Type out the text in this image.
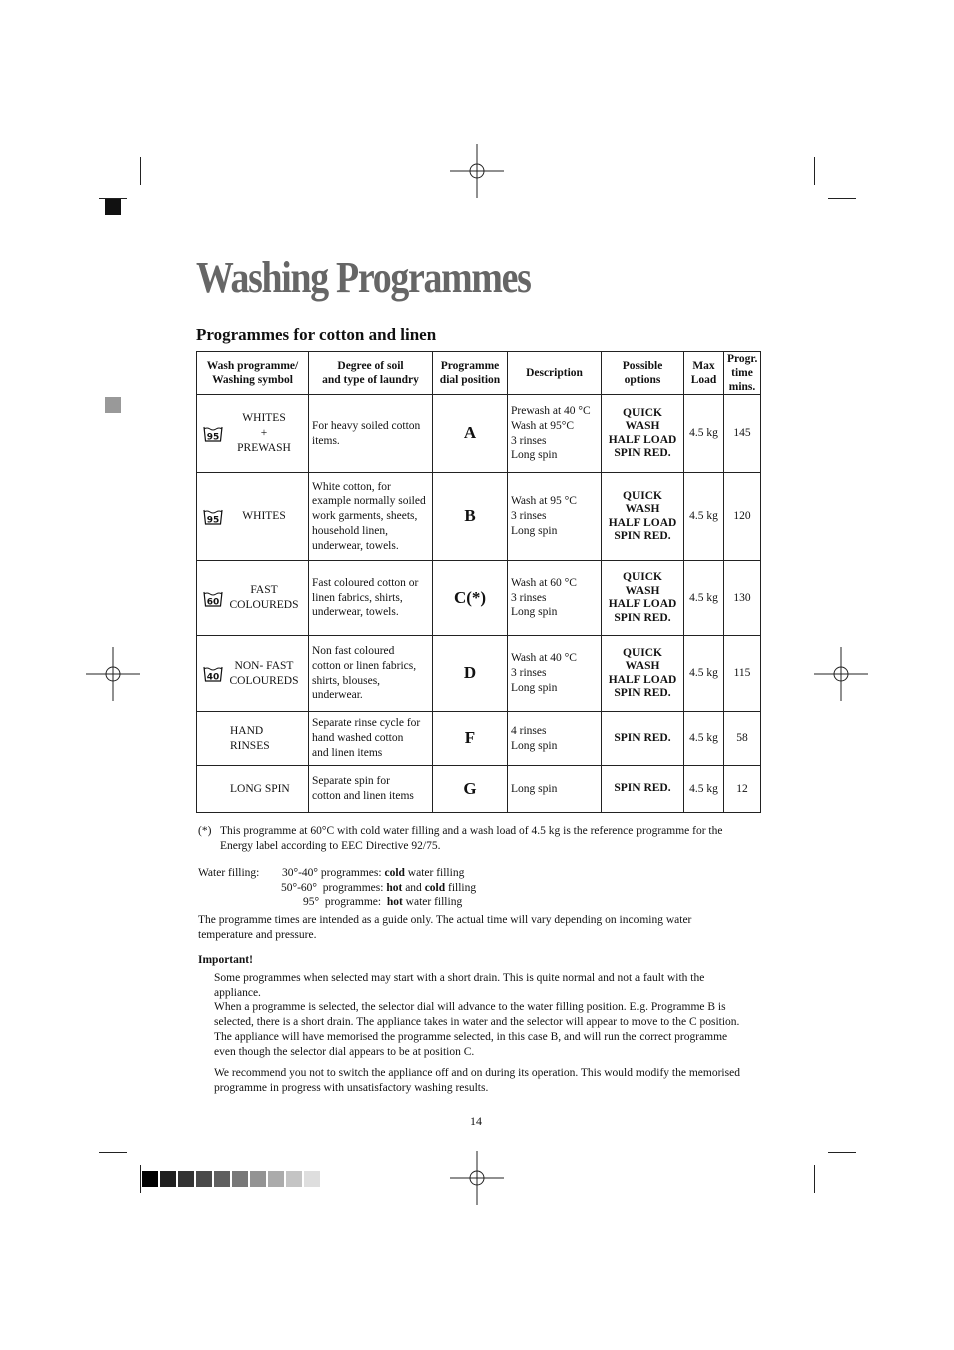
Washing Programmes
Programmes for cotton and linen
Wash programme/
Washing symbol	Degree of soil
and type of laundry	Programme
dial position	Description	Possible
options	Max
Load	Progr.
time
mins.

95
WHITES
+
PREWASH	For heavy soiled cotton
items.	A	Prewash at 40 °C
Wash at 95°C
3 rinses
Long spin	QUICK WASH
HALF LOAD
SPIN RED.	4.5 kg	145

95 WHITES	White cotton, for
example normally soiled
work garments, sheets,
household linen,
underwear, towels.	B	Wash at 95 °C
3 rinses
Long spin	QUICK WASH
HALF LOAD
SPIN RED.	4.5 kg	120

60
FAST
COLOUREDS	Fast coloured cotton or
linen fabrics, shirts,
underwear, towels.	C(*)	Wash at 60 °C
3 rinses
Long spin	QUICK WASH
HALF LOAD
SPIN RED.	4.5 kg	130

40
NON- FAST
COLOUREDS	Non fast coloured
cotton or linen fabrics,
shirts, blouses,
underwear.	D	Wash at 40 °C
3 rinses
Long spin	QUICK WASH
HALF LOAD
SPIN RED.	4.5 kg	115

HAND
RINSES	Separate rinse cycle for
hand washed cotton
and linen items	F	4 rinses
Long spin	SPIN RED.	4.5 kg	58

LONG SPIN	Separate spin for
cotton and linen items	G	Long spin	SPIN RED.	4.5 kg	12
(*) This programme at 60°C with cold water filling and a wash load of 4.5 kg is the reference programme for the
Energy label according to EEC Directive 92/75.
Water filling: 30°-40° programmes: cold water filling
50°-60° programmes: hot and cold filling
95° programme: hot water filling
The programme times are intended as a guide only. The actual time will vary depending on incoming water
temperature and pressure.
Important!
Some programmes when selected may start with a short drain. This is quite normal and not a fault with the
appliance.
When a programme is selected, the selector dial will advance to the water filling position. E.g. Programme B is
selected, there is a short drain. The appliance takes in water and the selector will appear to move to the C position.
The appliance will have memorised the programme selected, in this case B, and will run the correct programme
even though the selector dial appears to be at position C.
We recommend you not to switch the appliance off and on during its operation. This would modify the memorised
programme in progress with unsatisfactory washing results.
14
